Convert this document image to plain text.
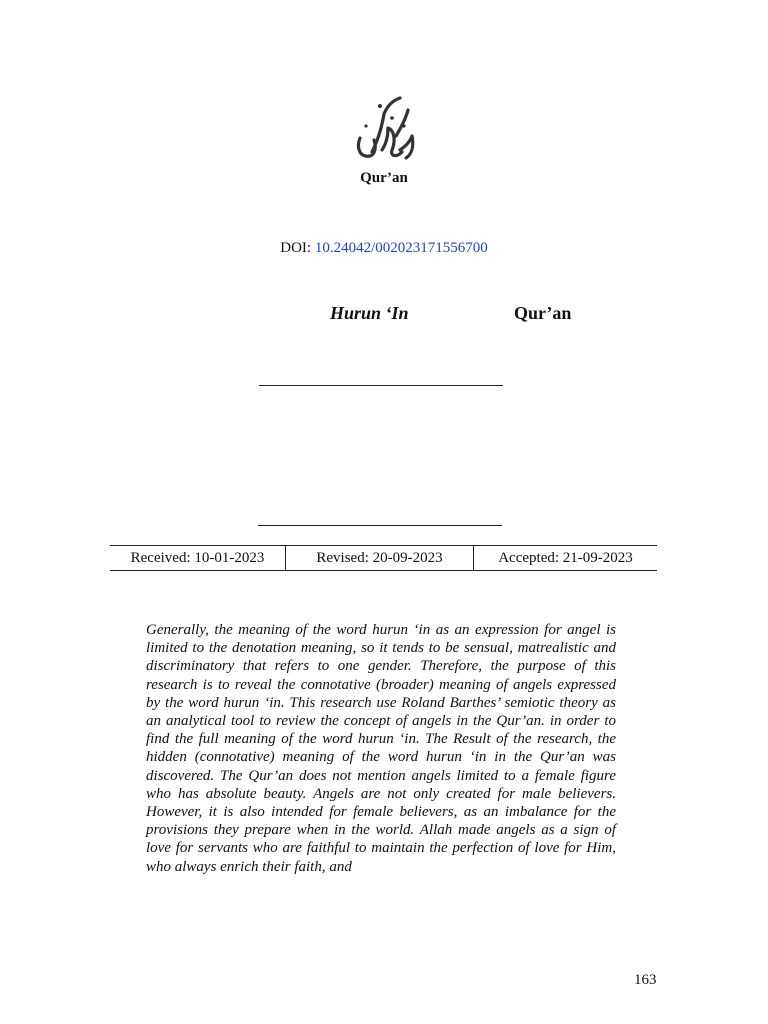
Qur’an
DOI: 10.24042/002023171556700
Hurun ‘In	Qur’an
Received: 10-01-2023	Revised: 20-09-2023	Accepted: 21-09-2023
Generally, the meaning of the word hurun ‘in as an expression for angel is limited to the denotation meaning, so it tends to be sensual, matrealistic and discriminatory that refers to one gender. Therefore, the purpose of this research is to reveal the connotative (broader) meaning of angels expressed by the word hurun ‘in. This research use Roland Barthes’ semiotic theory as an analytical tool to review the concept of angels in the Qur’an. in order to find the full meaning of the word hurun ‘in. The Result of the research, the hidden (connotative) meaning of the word hurun ‘in in the Qur’an was discovered. The Qur’an does not mention angels limited to a female figure who has absolute beauty. Angels are not only created for male believers. However, it is also intended for female believers, as an imbalance for the provisions they prepare when in the world. Allah made angels as a sign of love for servants who are faithful to maintain the perfection of love for Him, who always enrich their faith, and
163
